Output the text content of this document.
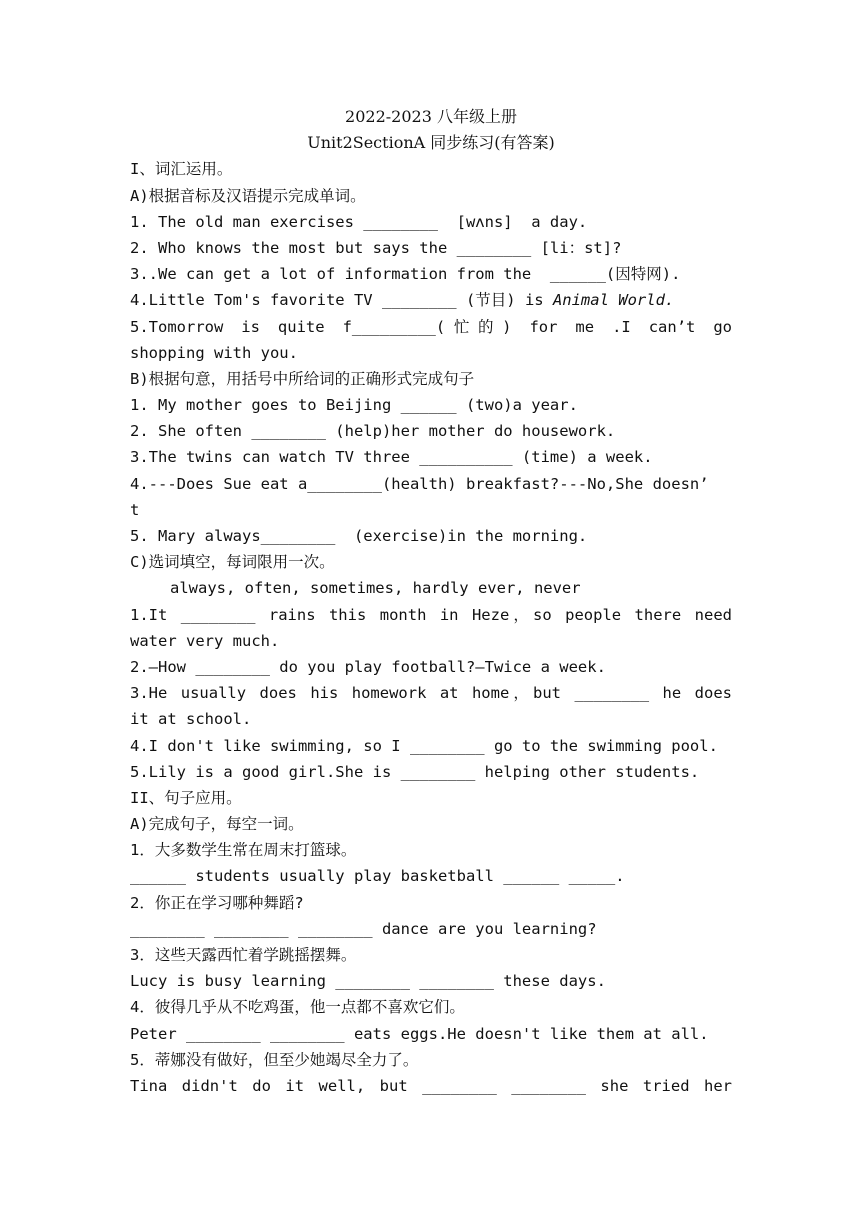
2022-2023 八年级上册
Unit2SectionA 同步练习(有答案)
I、词汇运用。
A)根据音标及汉语提示完成单词。
1. The old man exercises ________  [wʌns]  a day.
2. Who knows the most but says the ________ [li：st]?
3..We can get a lot of information from the  ______(因特网).
4.Little Tom's favorite TV ________ (节目) is Animal World.
5.Tomorrow is quite f_________(忙的) for me .I can’t go
shopping with you.
B)根据句意，用括号中所给词的正确形式完成句子
1. My mother goes to Beijing ______ (two)a year.
2. She often ________ (help)her mother do housework.
3.The twins can watch TV three __________ (time) a week.
4.---Does Sue eat a________(health) breakfast?---No,She doesn’
t
5. Mary always________  (exercise)in the morning.
C)选词填空，每词限用一次。
always, often, sometimes, hardly ever, never
1.It ________ rains this month in Heze，so people there need
water very much.
2.—How ________ do you play football?—Twice a week.
3.He usually does his homework at home，but ________ he does
it at school.
4.I don't like swimming, so I ________ go to the swimming pool.
5.Lily is a good girl.She is ________ helping other students.
II、句子应用。
A)完成句子，每空一词。
1．大多数学生常在周末打篮球。
______ students usually play basketball ______ _____.
2．你正在学习哪种舞蹈?
________ ________ ________ dance are you learning?
3．这些天露西忙着学跳摇摆舞。
Lucy is busy learning ________ ________ these days.
4．彼得几乎从不吃鸡蛋，他一点都不喜欢它们。
Peter ________ ________ eats eggs.He doesn't like them at all.
5．蒂娜没有做好，但至少她竭尽全力了。
Tina didn't do it well, but ________ ________ she tried her
